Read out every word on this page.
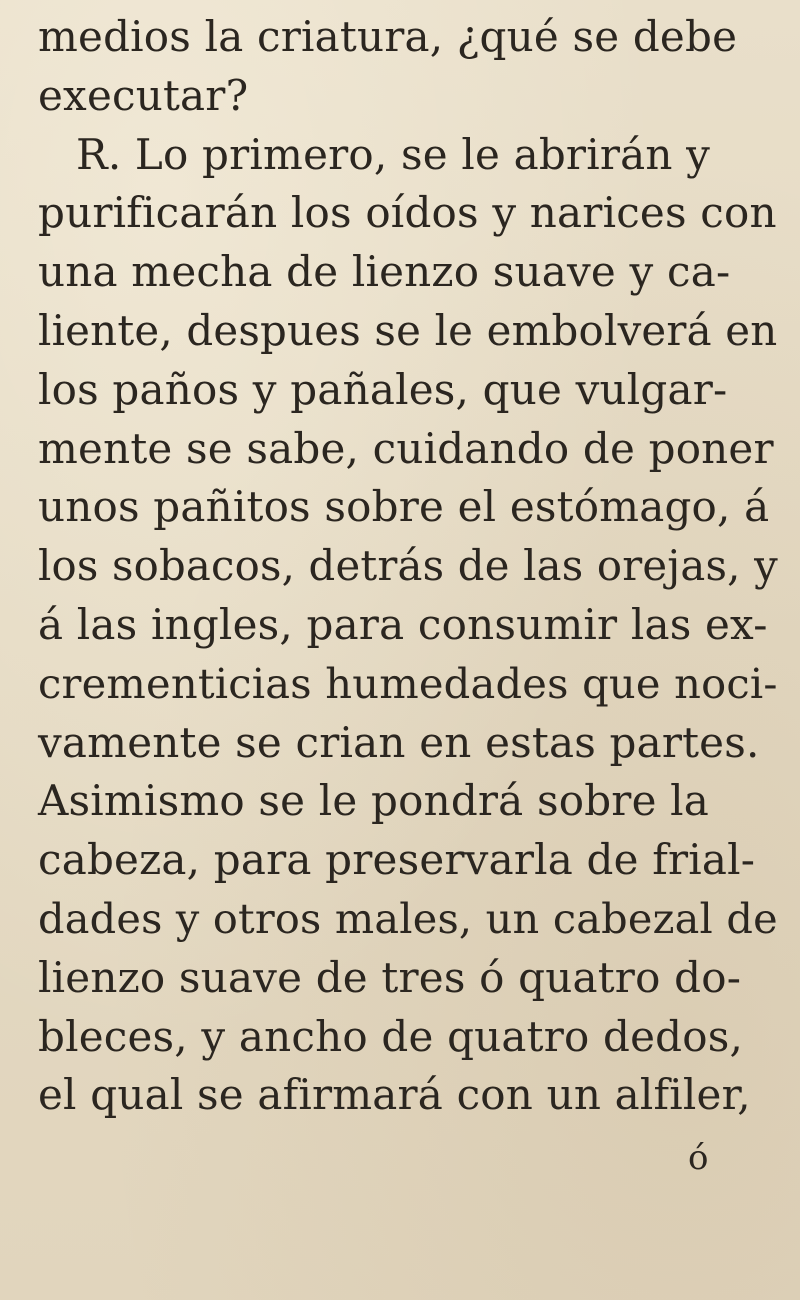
medios la criatura, ¿qué se debe
executar?
R. Lo primero, se le abrirán y
purificarán los oídos y narices con
una mecha de lienzo suave y ca-
liente, despues se le embolverá en
los paños y pañales, que vulgar-
mente se sabe, cuidando de poner
unos pañitos sobre el estómago, á
los sobacos, detrás de las orejas, y
á las ingles, para consumir las ex-
crementicias humedades que noci-
vamente se crian en estas partes.
Asimismo se le pondrá sobre la
cabeza, para preservarla de frial-
dades y otros males, un cabezal de
lienzo suave de tres ó quatro do-
bleces, y ancho de quatro dedos,
el qual se afirmará con un alfiler,
ó
